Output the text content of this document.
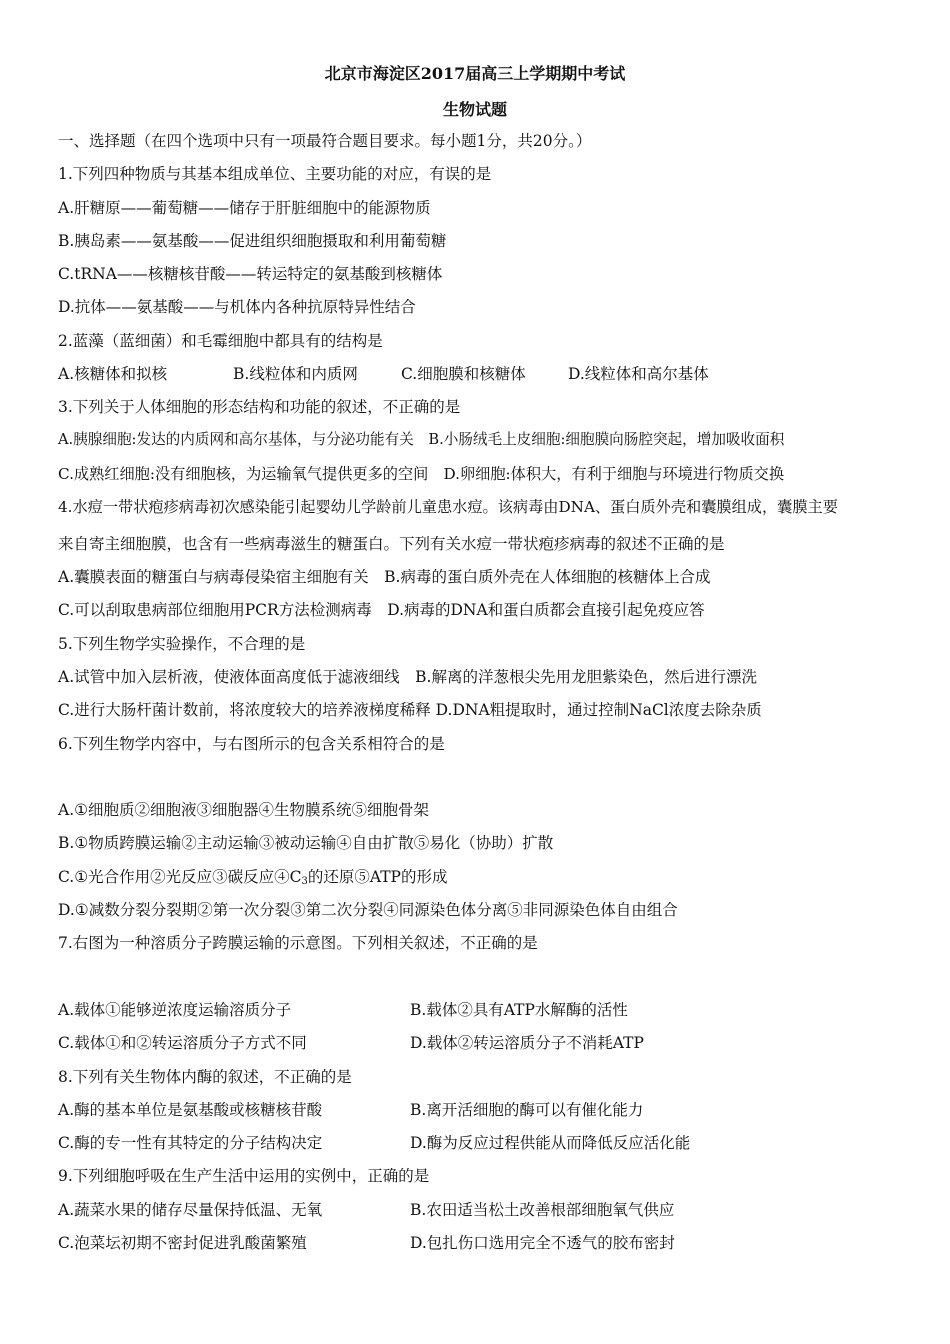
北京市海淀区2017届高三上学期期中考试
生物试题
一、选择题（在四个选项中只有一项最符合题目要求。每小题1分，共20分。）
1.下列四种物质与其基本组成单位、主要功能的对应，有误的是
A.肝糖原——葡萄糖——储存于肝脏细胞中的能源物质
B.胰岛素——氨基酸——促进组织细胞摄取和利用葡萄糖
C.tRNA——核糖核苷酸——转运特定的氨基酸到核糖体
D.抗体——氨基酸——与机体内各种抗原特异性结合
2.蓝藻（蓝细菌）和毛霉细胞中都具有的结构是
A.核糖体和拟核	B.线粒体和内质网	C.细胞膜和核糖体	D.线粒体和高尔基体
3.下列关于人体细胞的形态结构和功能的叙述，不正确的是
A.胰腺细胞:发达的内质网和高尔基体，与分泌功能有关　B.小肠绒毛上皮细胞:细胞膜向肠腔突起，增加吸收面积
C.成熟红细胞:没有细胞核，为运输氧气提供更多的空间　D.卵细胞:体积大，有利于细胞与环境进行物质交换
4.水痘一带状疱疹病毒初次感染能引起婴幼儿学龄前儿童患水痘。该病毒由DNA、蛋白质外壳和囊膜组成，囊膜主要
来自寄主细胞膜，也含有一些病毒滋生的糖蛋白。下列有关水痘一带状疱疹病毒的叙述不正确的是
A.囊膜表面的糖蛋白与病毒侵染宿主细胞有关　B.病毒的蛋白质外壳在人体细胞的核糖体上合成
C.可以刮取患病部位细胞用PCR方法检测病毒　D.病毒的DNA和蛋白质都会直接引起免疫应答
5.下列生物学实验操作，不合理的是
A.试管中加入层析液，使液体面高度低于滤液细线　B.解离的洋葱根尖先用龙胆紫染色，然后进行漂洗
C.进行大肠杆菌计数前，将浓度较大的培养液梯度稀释 D.DNA粗提取时，通过控制NaCl浓度去除杂质
6.下列生物学内容中，与右图所示的包含关系相符合的是
A.①细胞质②细胞液③细胞器④生物膜系统⑤细胞骨架
B.①物质跨膜运输②主动运输③被动运输④自由扩散⑤易化（协助）扩散
C.①光合作用②光反应③碳反应$④C_3$的还原⑤ATP的形成
D.①减数分裂分裂期②第一次分裂③第二次分裂④同源染色体分离⑤非同源染色体自由组合
7.右图为一种溶质分子跨膜运输的示意图。下列相关叙述，不正确的是
A.载体①能够逆浓度运输溶质分子	B.载体②具有ATP水解酶的活性
C.载体①和②转运溶质分子方式不同	D.载体②转运溶质分子不消耗ATP
8.下列有关生物体内酶的叙述，不正确的是
A.酶的基本单位是氨基酸或核糖核苷酸	B.离开活细胞的酶可以有催化能力
C.酶的专一性有其特定的分子结构决定	D.酶为反应过程供能从而降低反应活化能
9.下列细胞呼吸在生产生活中运用的实例中，正确的是
A.蔬菜水果的储存尽量保持低温、无氧	B.农田适当松土改善根部细胞氧气供应
C.泡菜坛初期不密封促进乳酸菌繁殖	D.包扎伤口选用完全不透气的胶布密封
